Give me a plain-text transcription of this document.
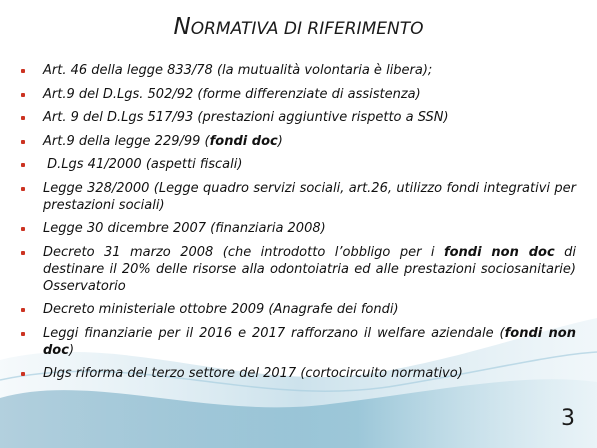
NORMATIVA DI RIFERIMENTO
Art. 46 della legge 833/78 (la mutualità volontaria è libera);
Art.9 del D.Lgs. 502/92 (forme differenziate di assistenza)
Art. 9 del D.Lgs 517/93 (prestazioni aggiuntive rispetto a SSN)
Art.9 della legge 229/99 (fondi doc)
D.Lgs 41/2000 (aspetti fiscali)
Legge 328/2000 (Legge quadro servizi sociali, art.26, utilizzo fondi integrativi per prestazioni sociali)
Legge 30 dicembre 2007 (finanziaria 2008)
Decreto 31 marzo 2008 (che introdotto l’obbligo per i fondi non doc di destinare il 20% delle risorse alla odontoiatria ed alle prestazioni sociosanitarie) Osservatorio
Decreto ministeriale ottobre 2009 (Anagrafe dei fondi)
Leggi finanziarie per il 2016 e 2017 rafforzano il welfare aziendale (fondi non doc)
Dlgs riforma del terzo settore del 2017 (cortocircuito normativo)
3
